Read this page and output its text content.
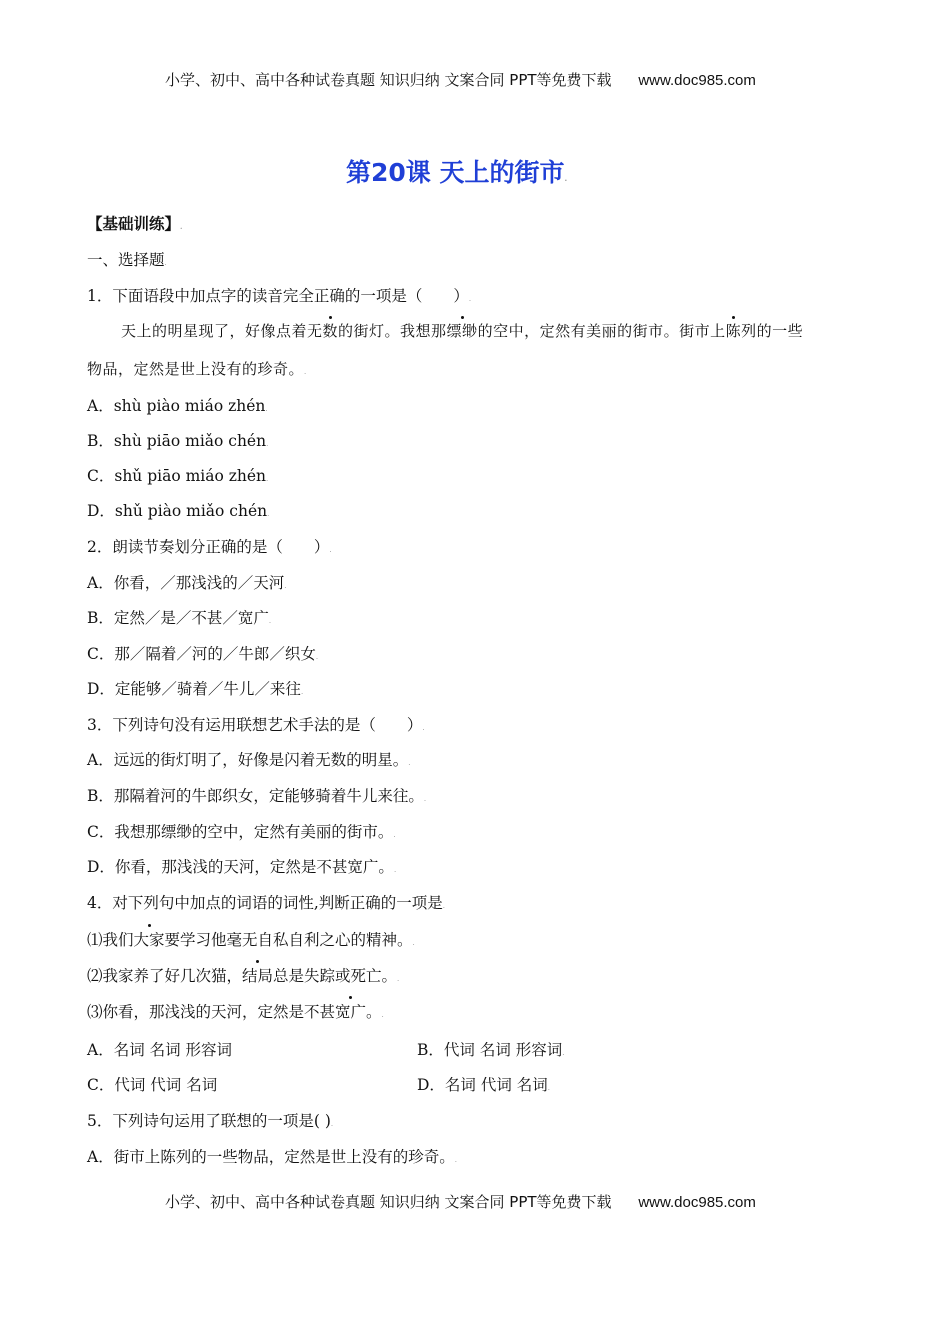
小学、初中、高中各种试卷真题 知识归纳 文案合同 PPT等免费下载 www.doc985.com
第20课 天上的街市.
【基础训练】.
一、选择题.
1．下面语段中加点字的读音完全正确的一项是（　　）.
天上的明星现了，好像点着无数的街灯。我想那缥缈的空中，定然有美丽的街市。街市上陈列的一些
物品，定然是世上没有的珍奇。.
A．shù piào miáo zhén.
B．shù piāo miǎo chén.
C．shǔ piāo miáo zhén.
D．shǔ piào miǎo chén.
2．朗读节奏划分正确的是（　　）.
A．你看，／那浅浅的／天河.
B．定然／是／不甚／宽广.
C．那／隔着／河的／牛郎／织女.
D．定能够／骑着／牛儿／来往.
3．下列诗句没有运用联想艺术手法的是（　　）.
A．远远的街灯明了，好像是闪着无数的明星。.
B．那隔着河的牛郎织女，定能够骑着牛儿来往。.
C．我想那缥缈的空中，定然有美丽的街市。.
D．你看，那浅浅的天河，定然是不甚宽广。.
4．对下列句中加点的词语的词性,判断正确的一项是.
⑴我们大家要学习他毫无自私自利之心的精神。.
⑵我家养了好几次猫，结局总是失踪或死亡。.
⑶你看，那浅浅的天河，定然是不甚宽广。.
A．名词 名词 形容词	B．代词 名词 形容词.
C．代词 代词 名词	D．名词 代词 名词.
5．下列诗句运用了联想的一项是( ).
A．街市上陈列的一些物品，定然是世上没有的珍奇。.
小学、初中、高中各种试卷真题 知识归纳 文案合同 PPT等免费下载 www.doc985.com
